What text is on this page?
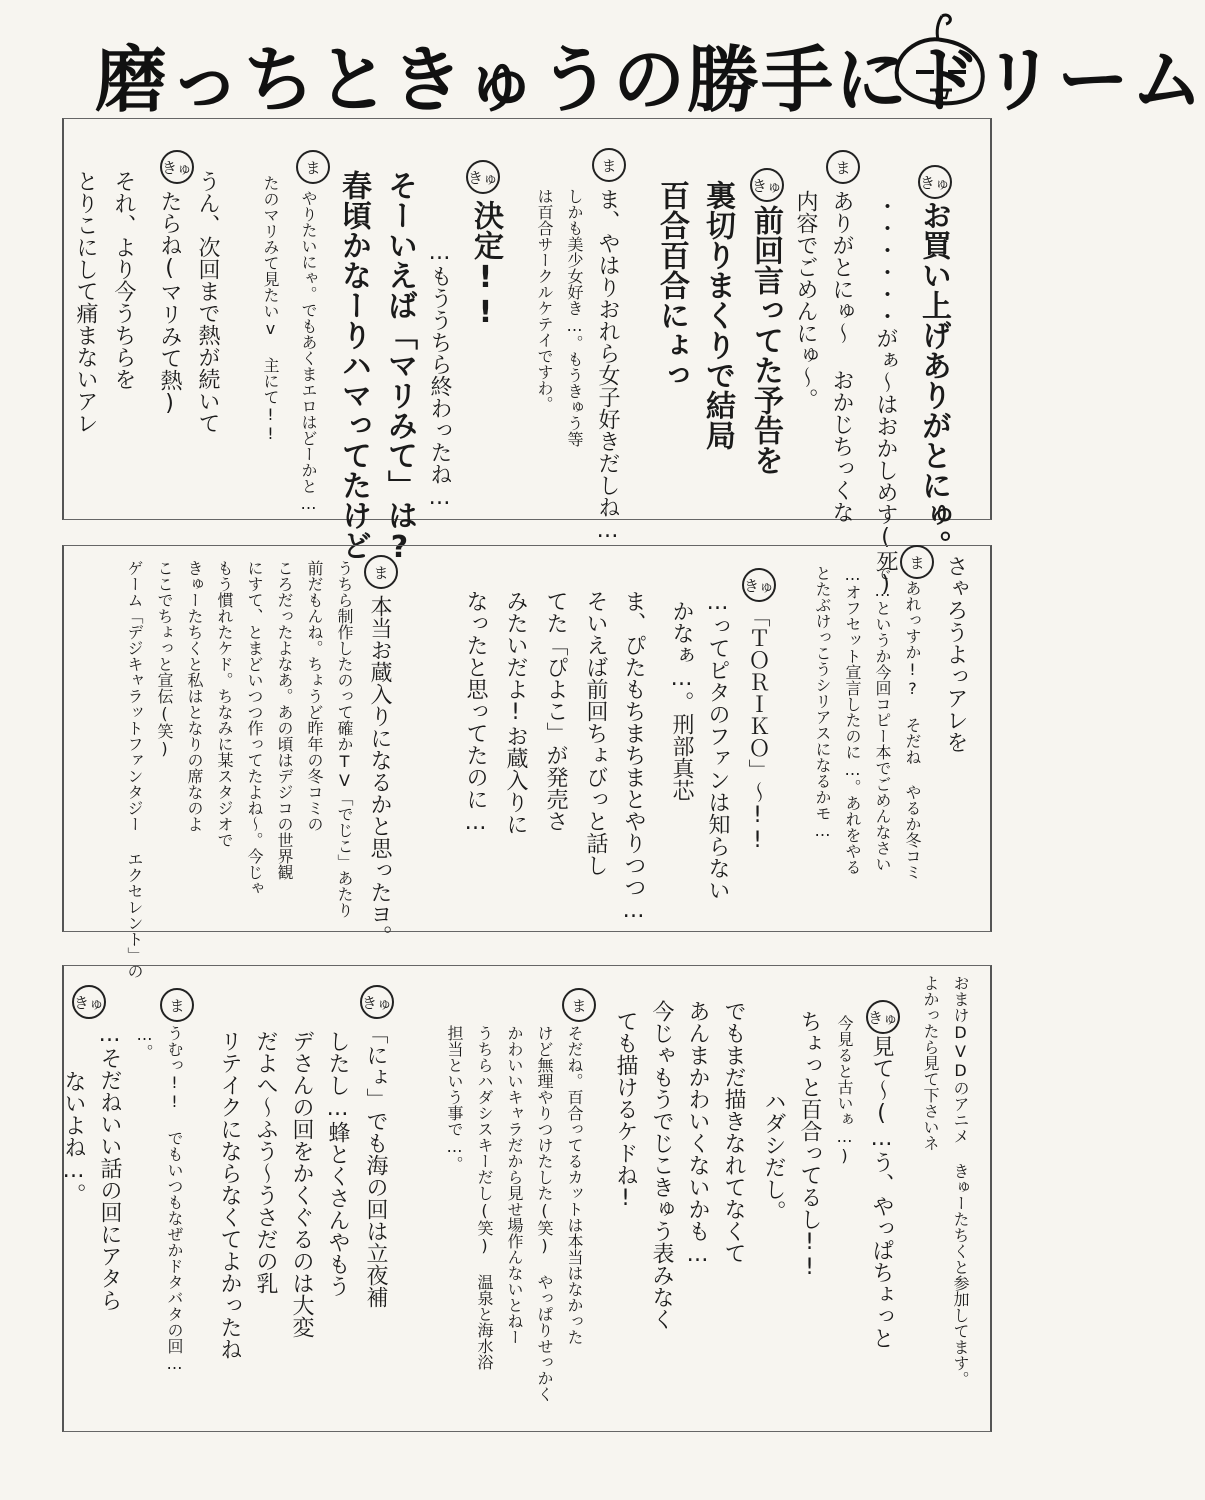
磨っちときゅうの勝手にドリーム
きゅ
お買い上げありがとにゅ。
・・・・・・がぁ～はおかしめす(死)
ま
ありがとにゅ～ おかじちっくな
内容でごめんにゅ～。
きゅ
前回言ってた予告を
裏切りまくりで結局
百合百合にょっ
ま
ま、やはりおれら女子好きだしね…
しかも美少女好き…。もうきゅう等
は百合サークルケテイですわ。
きゅ
決定!!
…もううちら終わったね…
そーいえば「マリみて」は?
春頃かなーりハマってたけど
ま
やりたいにゃ。でもあくまエロはどーかと…
たのマリみて見たいv 主にて!!
きゅ
うん、次回まで熱が続いて
たらね(マリみて熱)
それ、より今うちらを
とりこにして痛まないアレ
さゃろうよっアレを
ま
あれっすか!? そだね やるか冬コミ
で…というか今回コピー本でごめんなさい
…オフセット宣言したのに…。あれをやる
とたぶけっこうシリアスになるかモ…
きゅ
「ＴＯＲＩＫＯ」～!!
…ってピタのファンは知らない
かなぁ…。刑部真芯
ま、ぴたもちまちまとやりつつ…
そいえば前回ちょびっと話し
てた「ぴよこ」が発売さ
みたいだよ!お蔵入りに
なったと思ってたのに…
ま
本当お蔵入りになるかと思ったヨ。
うちら制作したのって確かTV「でじこ」あたり
前だもんね。ちょうど昨年の冬コミの
ころだったよなあ。あの頃はデジコの世界観
にすて、とまどいつつ作ってたよね～。今じゃ
もう慣れたケド。ちなみに某スタジオで
きゅーたちくと私はとなりの席なのよ
ここでちょっと宣伝(笑)
ゲーム「デジキャラットファンタジー エクセレント」の
おまけDVDのアニメ きゅーたちくと参加してます。
よかったら見て下さいネ
きゅ
見て～(…う、やっぱちょっと
今見ると古いぁ…)
ちょっと百合ってるし!!
ハダシだし。
でもまだ描きなれてなくて
あんまかわいくないかも…
今じゃもうでじこきゅう表みなく
ても描けるケドね!
ま
そだね。百合ってるカットは本当はなかった
けど無理やりつけたした(笑) やっぱりせっかく
かわいいキャラだから見せ場作んないとねー
うちらハダシスキーだし(笑) 温泉と海水浴
担当という事で…。
きゅ
「にょ」でも海の回は立夜補
したし…蜂とくさんやもう
デさんの回をかくぐるのは大変
だよへ～ふう～うさだの乳
リテイクにならなくてよかったね
ま
うむっ!! でもいつもなぜかドタバタの回…
…。
きゅ
…そだねいい話の回にアタら
ないよね…。
